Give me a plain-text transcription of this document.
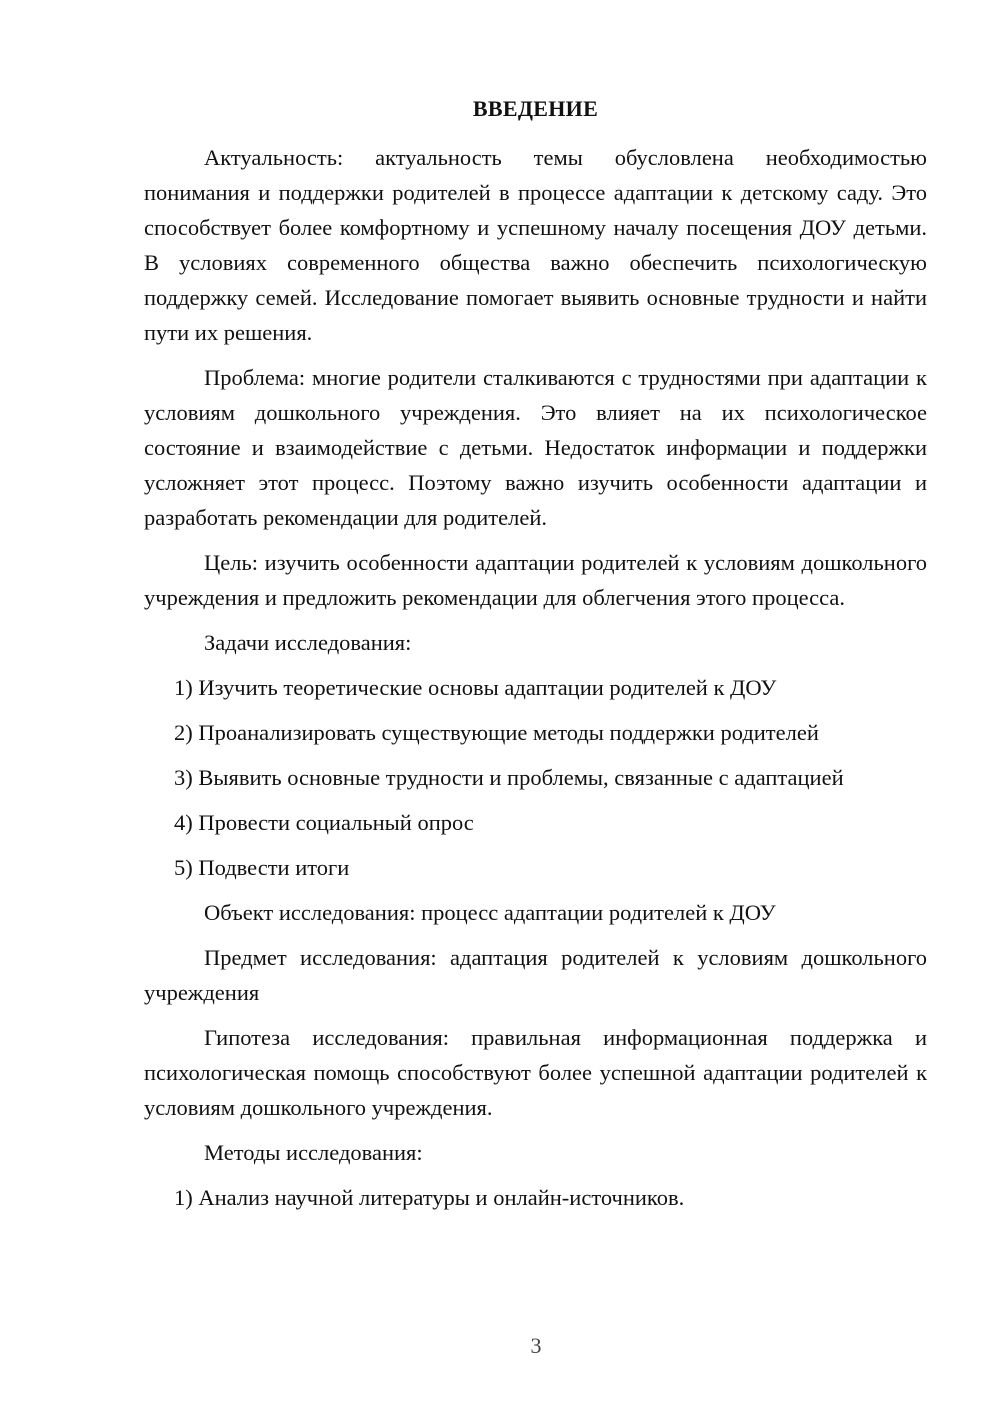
ВВЕДЕНИЕ

Актуальность: актуальность темы обусловлена необходимостью понимания и поддержки родителей в процессе адаптации к детскому саду. Это способствует более комфортному и успешному началу посещения ДОУ детьми. В условиях современного общества важно обеспечить психологическую поддержку семей. Исследование помогает выявить основные трудности и найти пути их решения.

Проблема: многие родители сталкиваются с трудностями при адаптации к условиям дошкольного учреждения. Это влияет на их психологическое состояние и взаимодействие с детьми. Недостаток информации и поддержки усложняет этот процесс. Поэтому важно изучить особенности адаптации и разработать рекомендации для родителей.

Цель: изучить особенности адаптации родителей к условиям дошкольного учреждения и предложить рекомендации для облегчения этого процесса.

Задачи исследования:
1) Изучить теоретические основы адаптации родителей к ДОУ
2) Проанализировать существующие методы поддержки родителей
3) Выявить основные трудности и проблемы, связанные с адаптацией
4) Провести социальный опрос
5) Подвести итоги
Объект исследования: процесс адаптации родителей к ДОУ

Предмет исследования: адаптация родителей к условиям дошкольного учреждения

Гипотеза исследования: правильная информационная поддержка и психологическая помощь способствуют более успешной адаптации родителей к условиям дошкольного учреждения.

Методы исследования:
1) Анализ научной литературы и онлайн-источников.
3
